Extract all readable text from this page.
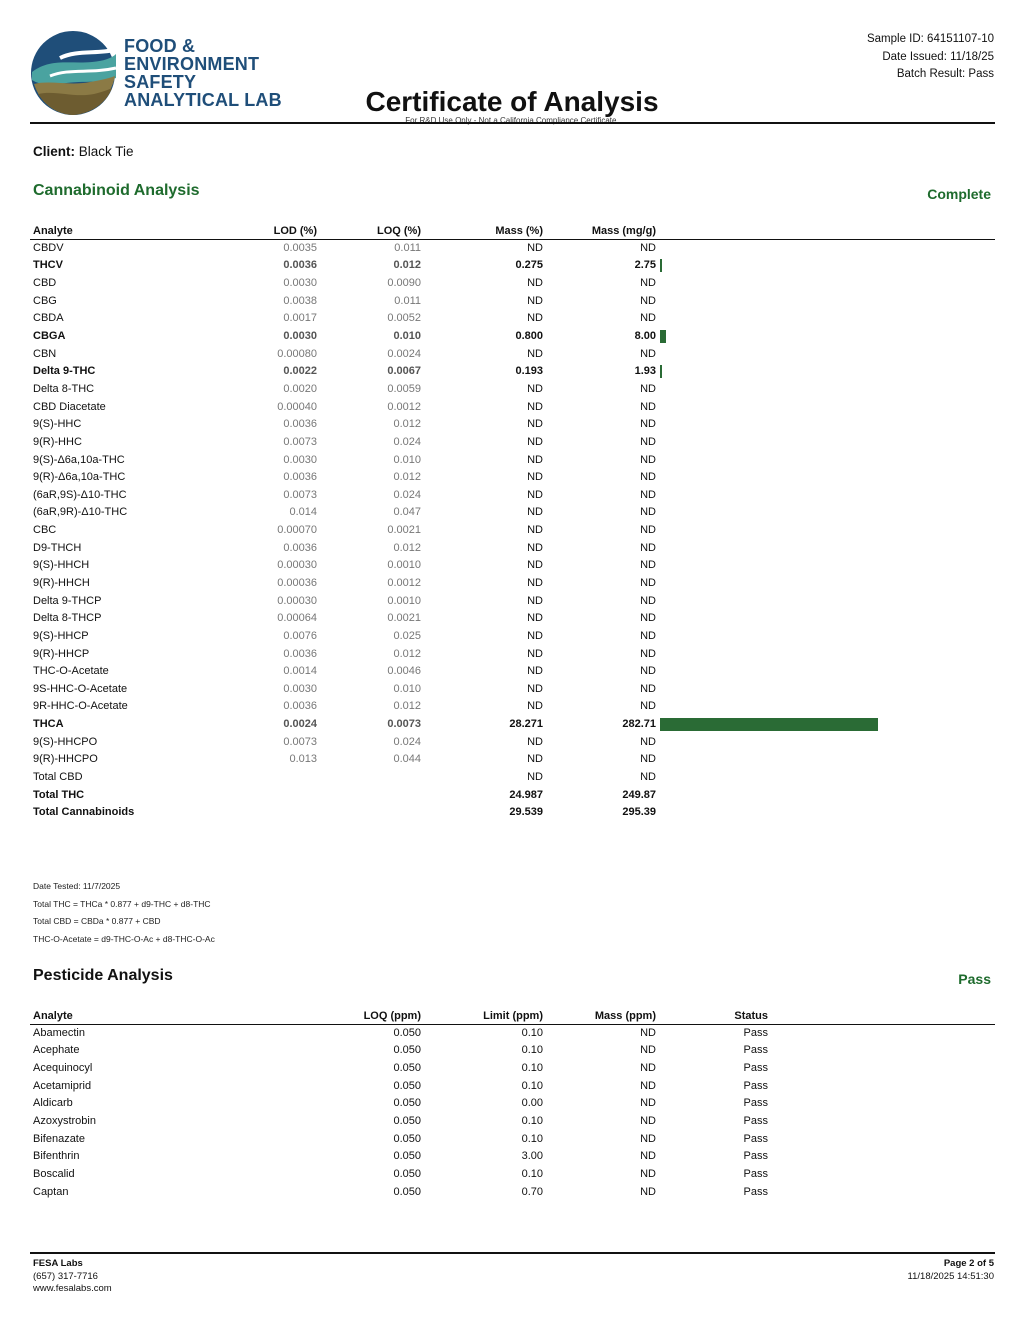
FOOD &
ENVIRONMENT
SAFETY
ANALYTICAL LAB
Sample ID: 64151107-10
Date Issued: 11/18/25
Batch Result: Pass
Certificate of Analysis
For R&D Use Only - Not a California Compliance Certificate.
Client: Black Tie
Cannabinoid Analysis	Complete
Analyte	LOD (%)	LOQ (%)	Mass (%)	Mass (mg/g)	
CBDV	0.0035	0.011	ND	ND	
THCV	0.0036	0.012	0.275	2.75	

CBD	0.0030	0.0090	ND	ND	
CBG	0.0038	0.011	ND	ND	
CBDA	0.0017	0.0052	ND	ND	
CBGA	0.0030	0.010	0.800	8.00	

CBN	0.00080	0.0024	ND	ND	
Delta 9-THC	0.0022	0.0067	0.193	1.93	

Delta 8-THC	0.0020	0.0059	ND	ND	
CBD Diacetate	0.00040	0.0012	ND	ND	
9(S)-HHC	0.0036	0.012	ND	ND	
9(R)-HHC	0.0073	0.024	ND	ND	
9(S)-Δ6a,10a-THC	0.0030	0.010	ND	ND	
9(R)-Δ6a,10a-THC	0.0036	0.012	ND	ND	
(6aR,9S)-Δ10-THC	0.0073	0.024	ND	ND	
(6aR,9R)-Δ10-THC	0.014	0.047	ND	ND	
CBC	0.00070	0.0021	ND	ND	
D9-THCH	0.0036	0.012	ND	ND	
9(S)-HHCH	0.00030	0.0010	ND	ND	
9(R)-HHCH	0.00036	0.0012	ND	ND	
Delta 9-THCP	0.00030	0.0010	ND	ND	
Delta 8-THCP	0.00064	0.0021	ND	ND	
9(S)-HHCP	0.0076	0.025	ND	ND	
9(R)-HHCP	0.0036	0.012	ND	ND	
THC-O-Acetate	0.0014	0.0046	ND	ND	
9S-HHC-O-Acetate	0.0030	0.010	ND	ND	
9R-HHC-O-Acetate	0.0036	0.012	ND	ND	
THCA	0.0024	0.0073	28.271	282.71	

9(S)-HHCPO	0.0073	0.024	ND	ND	
9(R)-HHCPO	0.013	0.044	ND	ND	
Total CBD			ND	ND	
Total THC			24.987	249.87	
Total Cannabinoids			29.539	295.39	
Date Tested: 11/7/2025
Total THC = THCa * 0.877 + d9-THC + d8-THC
Total CBD = CBDa * 0.877 + CBD
THC-O-Acetate = d9-THC-O-Ac + d8-THC-O-Ac
Pesticide Analysis	Pass
Analyte	LOQ (ppm)	Limit (ppm)	Mass (ppm)	Status	
Abamectin	0.050	0.10	ND	Pass	
Acephate	0.050	0.10	ND	Pass	
Acequinocyl	0.050	0.10	ND	Pass	
Acetamiprid	0.050	0.10	ND	Pass	
Aldicarb	0.050	0.00	ND	Pass	
Azoxystrobin	0.050	0.10	ND	Pass	
Bifenazate	0.050	0.10	ND	Pass	
Bifenthrin	0.050	3.00	ND	Pass	
Boscalid	0.050	0.10	ND	Pass	
Captan	0.050	0.70	ND	Pass	
FESA Labs
(657) 317-7716
www.fesalabs.com
Page 2 of 5
11/18/2025 14:51:30
